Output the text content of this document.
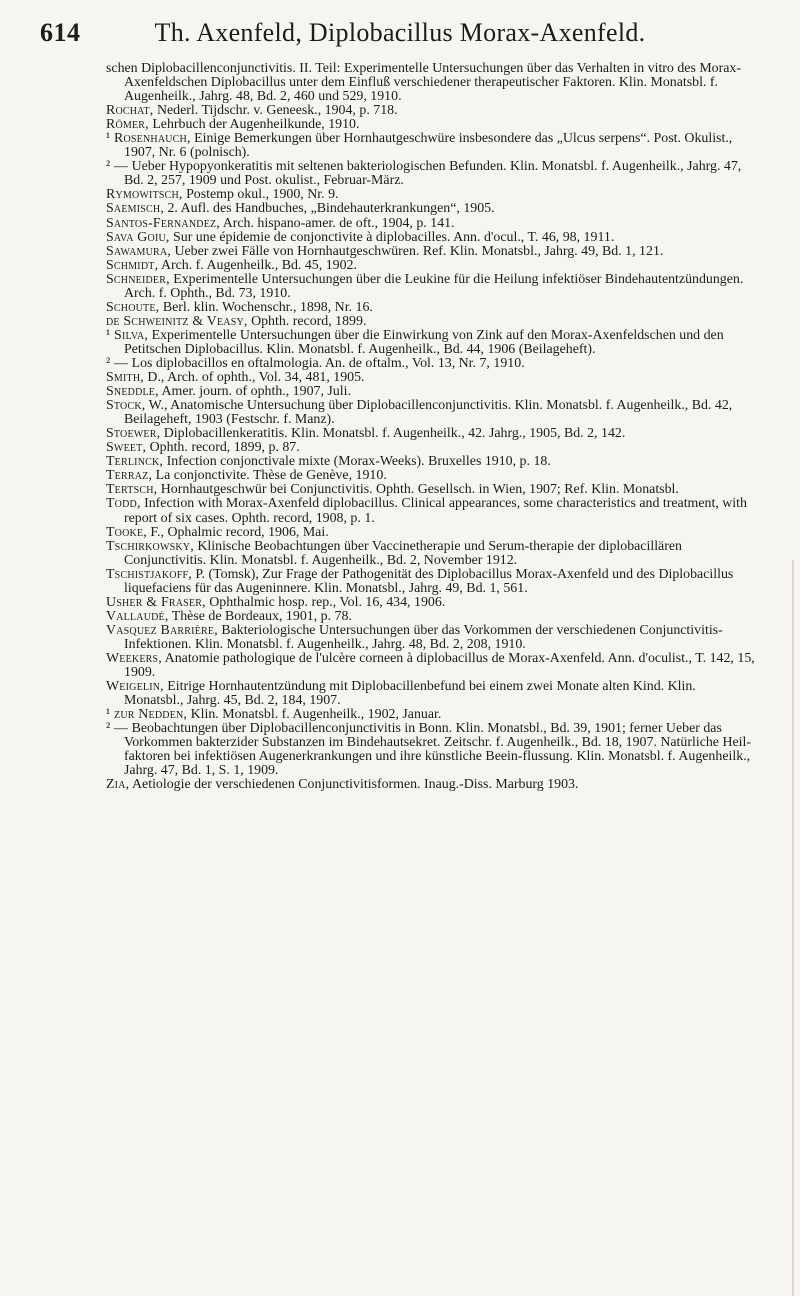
614	Th. Axenfeld, Diplobacillus Morax-Axenfeld.

schen Diplobacillenconjunctivitis. II. Teil: Experimentelle Untersuchungen über das Verhalten in vitro des Morax-Axenfeldschen Diplobacillus unter dem Einfluß verschiedener therapeutischer Faktoren. Klin. Monatsbl. f. Augenheilk., Jahrg. 48, Bd. 2, 460 und 529, 1910.

Rochat, Nederl. Tijdschr. v. Geneesk., 1904, p. 718.

Römer, Lehrbuch der Augenheilkunde, 1910.

¹ Rosenhauch, Einige Bemerkungen über Hornhautgeschwüre insbesondere das „Ulcus serpens“. Post. Okulist., 1907, Nr. 6 (polnisch).

² — Ueber Hypopyonkeratitis mit seltenen bakteriologischen Befunden. Klin. Monatsbl. f. Augenheilk., Jahrg. 47, Bd. 2, 257, 1909 und Post. okulist., Februar-März.

Rymowitsch, Postemp okul., 1900, Nr. 9.

Saemisch, 2. Aufl. des Handbuches, „Bindehauterkrankungen“, 1905.

Santos-Fernandez, Arch. hispano-amer. de oft., 1904, p. 141.

Sava Goiu, Sur une épidemie de conjonctivite à diplobacilles. Ann. d'ocul., T. 46, 98, 1911.

Sawamura, Ueber zwei Fälle von Hornhautgeschwüren. Ref. Klin. Monatsbl., Jahrg. 49, Bd. 1, 121.

Schmidt, Arch. f. Augenheilk., Bd. 45, 1902.

Schneider, Experimentelle Untersuchungen über die Leukine für die Heilung infektiöser Bindehautentzündungen. Arch. f. Ophth., Bd. 73, 1910.

Schoute, Berl. klin. Wochenschr., 1898, Nr. 16.

de Schweinitz & Veasy, Ophth. record, 1899.

¹ Silva, Experimentelle Untersuchungen über die Einwirkung von Zink auf den Morax-Axenfeldschen und den Petitschen Diplobacillus. Klin. Monatsbl. f. Augenheilk., Bd. 44, 1906 (Beilageheft).

² — Los diplobacillos en oftalmologia. An. de oftalm., Vol. 13, Nr. 7, 1910.

Smith, D., Arch. of ophth., Vol. 34, 481, 1905.

Sneddle, Amer. journ. of ophth., 1907, Juli.

Stock, W., Anatomische Untersuchung über Diplobacillenconjunctivitis. Klin. Monatsbl. f. Augenheilk., Bd. 42, Beilageheft, 1903 (Festschr. f. Manz).

Stoewer, Diplobacillenkeratitis. Klin. Monatsbl. f. Augenheilk., 42. Jahrg., 1905, Bd. 2, 142.

Sweet, Ophth. record, 1899, p. 87.

Terlinck, Infection conjonctivale mixte (Morax-Weeks). Bruxelles 1910, p. 18.

Terraz, La conjonctivite. Thèse de Genève, 1910.

Tertsch, Hornhautgeschwür bei Conjunctivitis. Ophth. Gesellsch. in Wien, 1907; Ref. Klin. Monatsbl.

Todd, Infection with Morax-Axenfeld diplobacillus. Clinical appearances, some characteristics and treatment, with report of six cases. Ophth. record, 1908, p. 1.

Tooke, F., Ophalmic record, 1906, Mai.

Tschirkowsky, Klinische Beobachtungen über Vaccinetherapie und Serum-therapie der diplobacillären Conjunctivitis. Klin. Monatsbl. f. Augenheilk., Bd. 2, November 1912.

Tschistjakoff, P. (Tomsk), Zur Frage der Pathogenität des Diplobacillus Morax-Axenfeld und des Diplobacillus liquefaciens für das Augeninnere. Klin. Monatsbl., Jahrg. 49, Bd. 1, 561.

Usher & Fraser, Ophthalmic hosp. rep., Vol. 16, 434, 1906.

Vallaudé, Thèse de Bordeaux, 1901, p. 78.

Vasquez Barrière, Bakteriologische Untersuchungen über das Vorkommen der verschiedenen Conjunctivitis-Infektionen. Klin. Monatsbl. f. Augenheilk., Jahrg. 48, Bd. 2, 208, 1910.

Weekers, Anatomie pathologique de l'ulcère corneen à diplobacillus de Morax-Axenfeld. Ann. d'oculist., T. 142, 15, 1909.

Weigelin, Eitrige Hornhautentzündung mit Diplobacillenbefund bei einem zwei Monate alten Kind. Klin. Monatsbl., Jahrg. 45, Bd. 2, 184, 1907.

¹ zur Nedden, Klin. Monatsbl. f. Augenheilk., 1902, Januar.

² — Beobachtungen über Diplobacillenconjunctivitis in Bonn. Klin. Monatsbl., Bd. 39, 1901; ferner Ueber das Vorkommen bakterzider Substanzen im Bindehautsekret. Zeitschr. f. Augenheilk., Bd. 18, 1907. Natürliche Heil-faktoren bei infektiösen Augenerkrankungen und ihre künstliche Beein-flussung. Klin. Monatsbl. f. Augenheilk., Jahrg. 47, Bd. 1, S. 1, 1909.

Zia, Aetiologie der verschiedenen Conjunctivitisformen. Inaug.-Diss. Marburg 1903.
